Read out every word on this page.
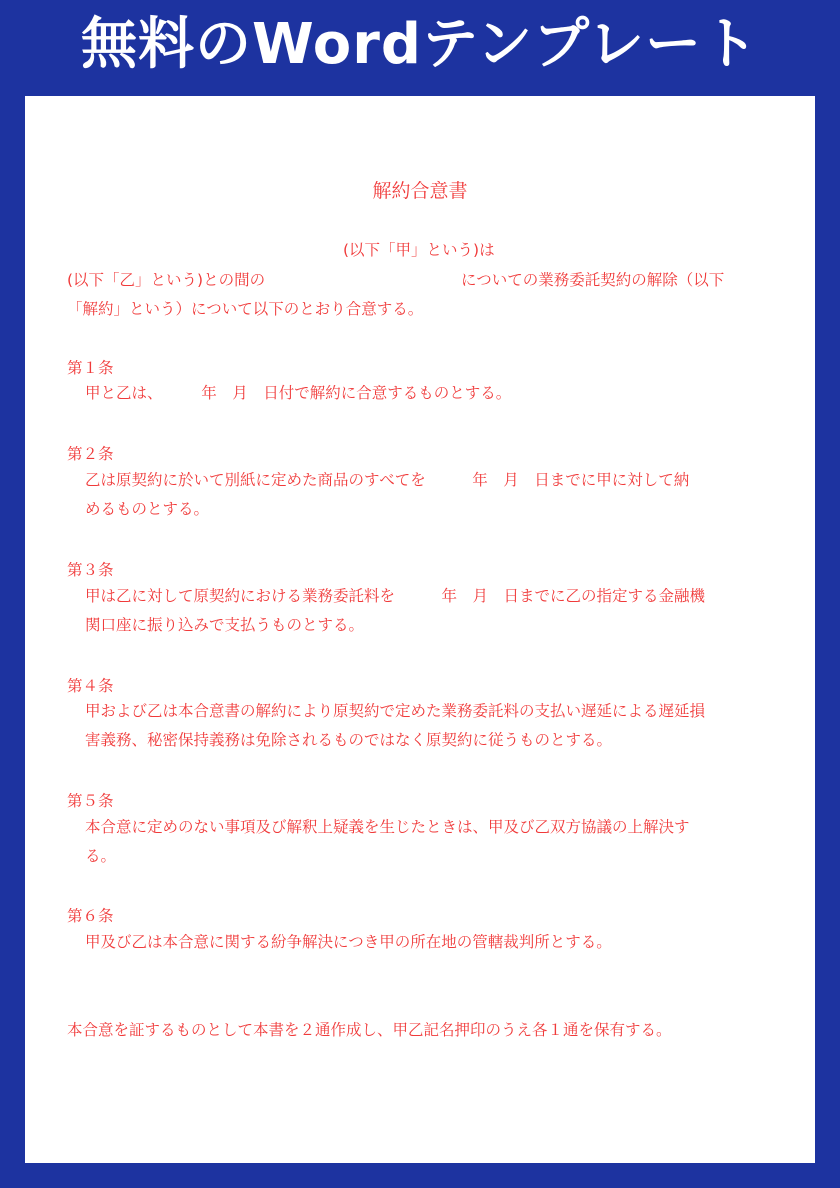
無料のWordテンプレート
解約合意書
(以下「甲」という)は
(以下「乙」という)との間の	についての業務委託契約の解除（以下
「解約」という）について以下のとおり合意する。
第１条
甲と乙は、　　　年　月　日付で解約に合意するものとする。
第２条
乙は原契約に於いて別紙に定めた商品のすべてを　　　年　月　日までに甲に対して納
めるものとする。
第３条
甲は乙に対して原契約における業務委託料を　　　年　月　日までに乙の指定する金融機
関口座に振り込みで支払うものとする。
第４条
甲および乙は本合意書の解約により原契約で定めた業務委託料の支払い遅延による遅延損
害義務、秘密保持義務は免除されるものではなく原契約に従うものとする。
第５条
本合意に定めのない事項及び解釈上疑義を生じたときは、甲及び乙双方協議の上解決す
る。
第６条
甲及び乙は本合意に関する紛争解決につき甲の所在地の管轄裁判所とする。
本合意を証するものとして本書を２通作成し、甲乙記名押印のうえ各１通を保有する。
